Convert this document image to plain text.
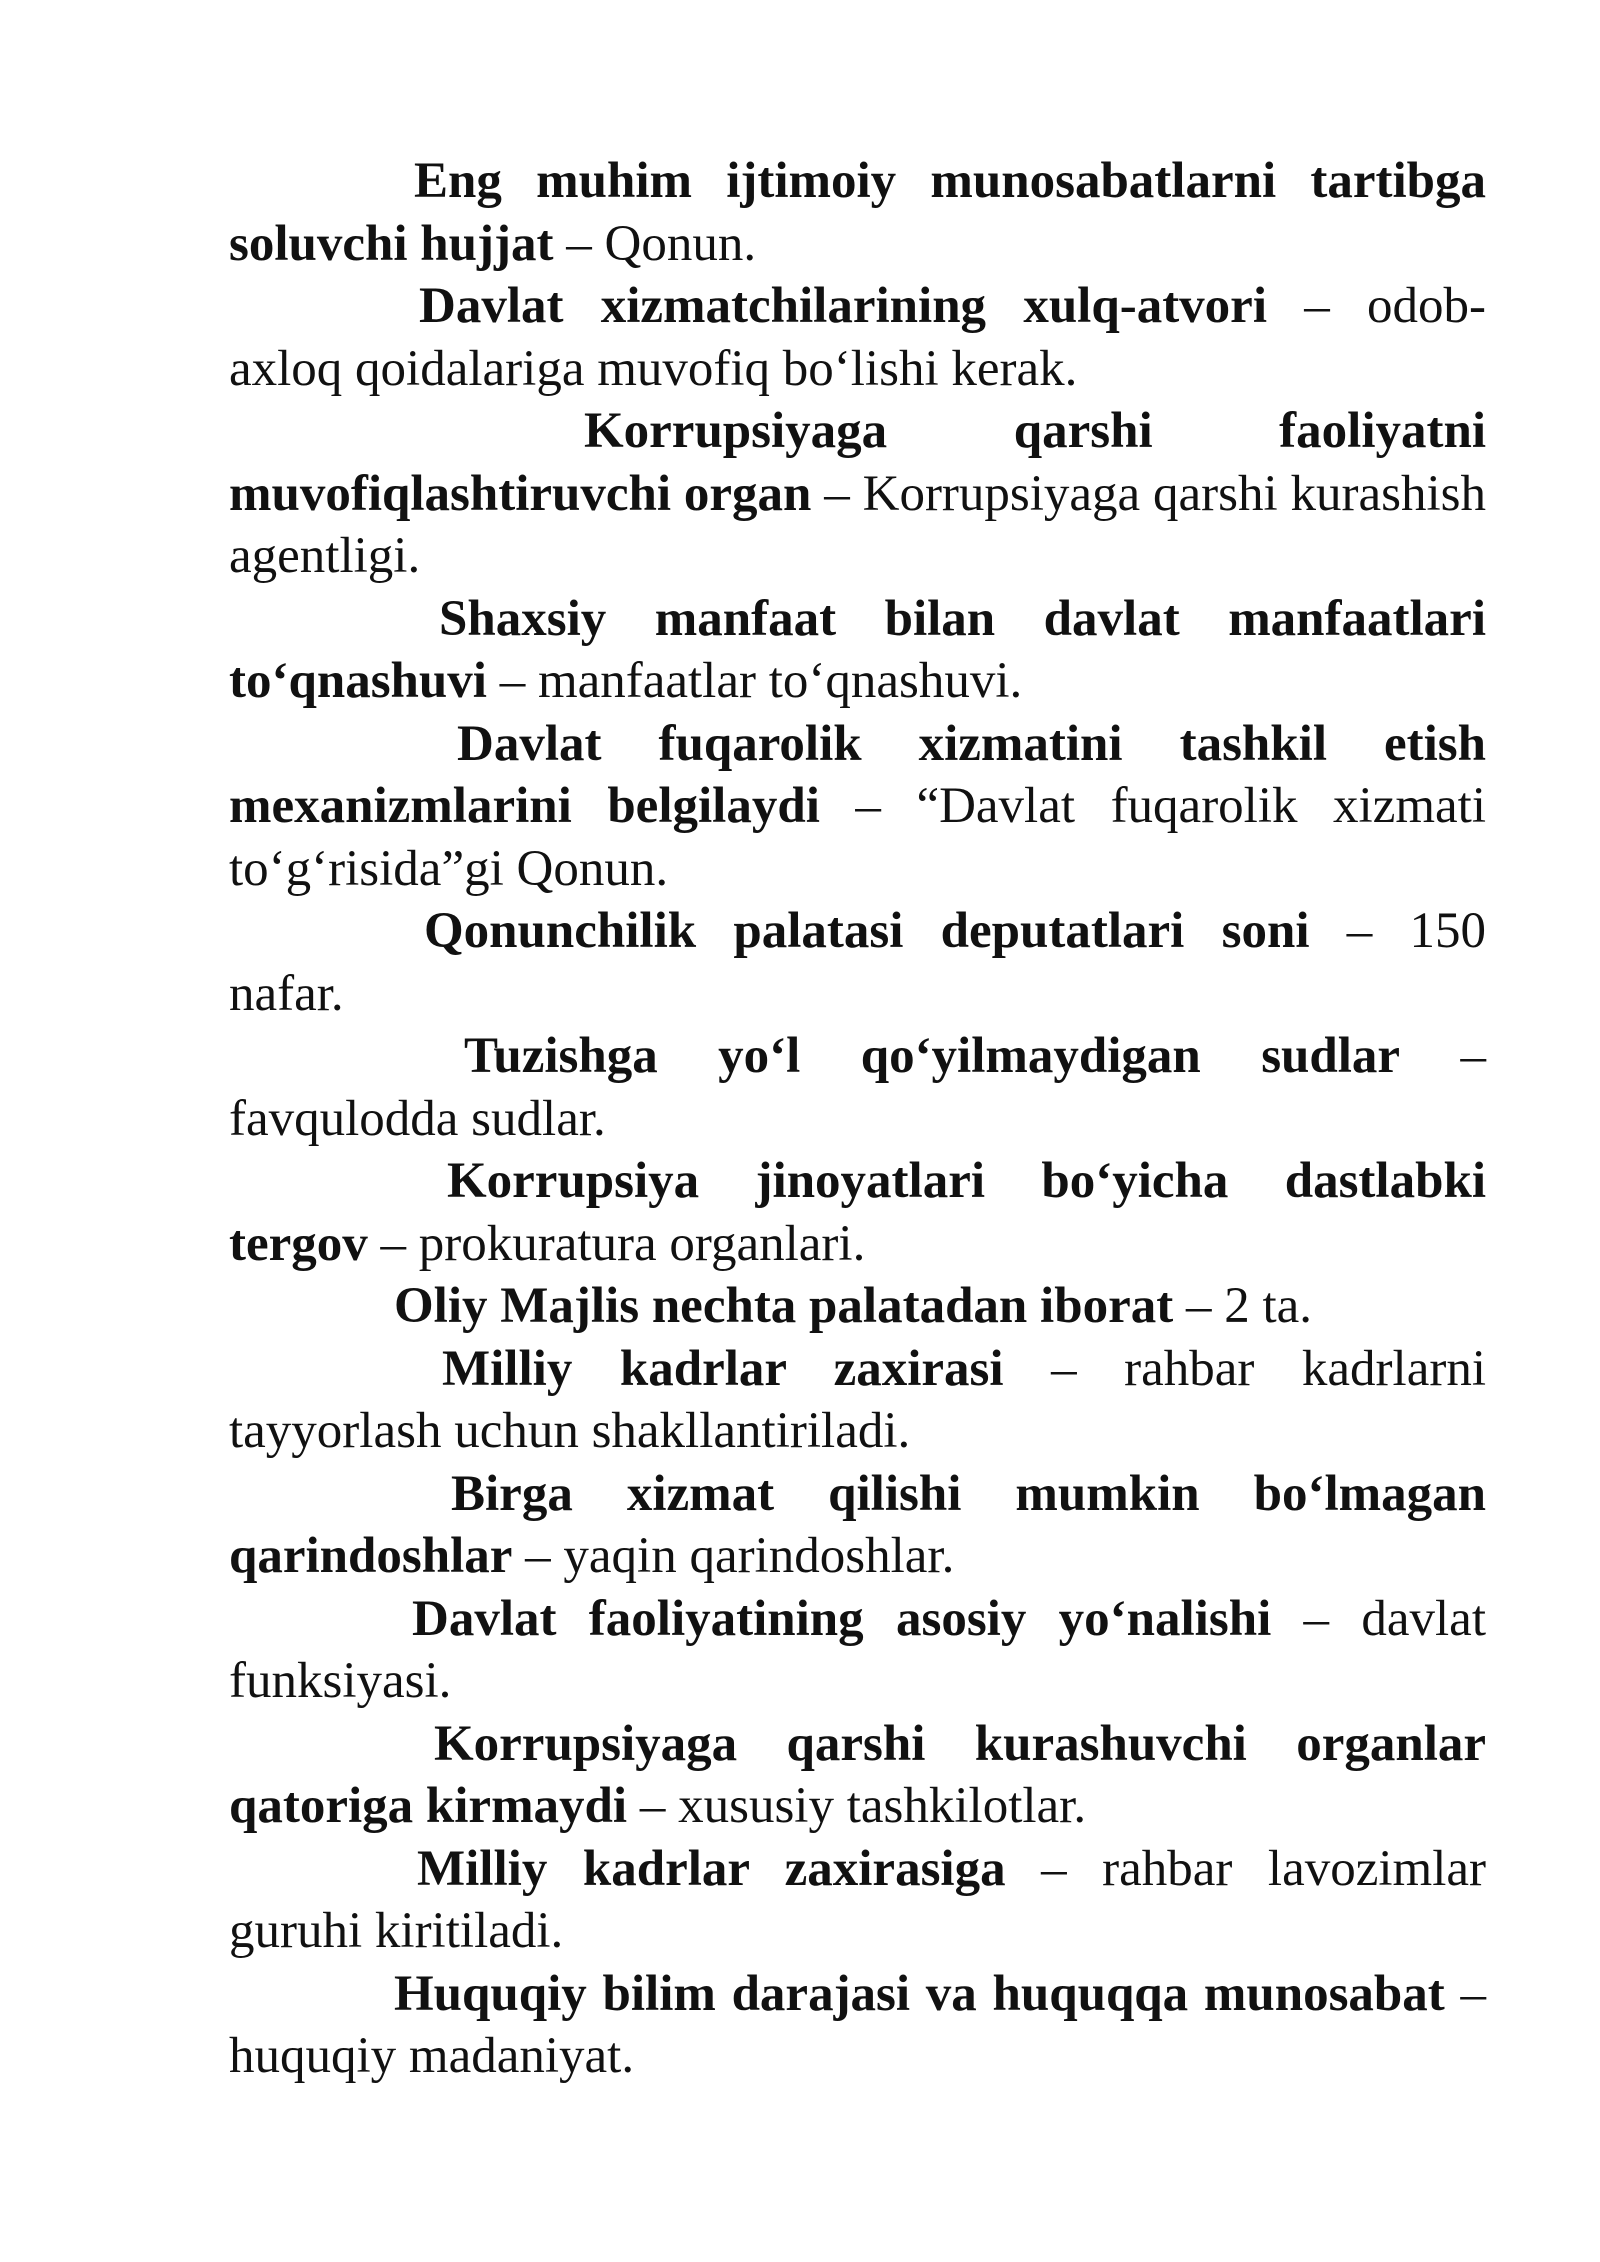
Eng muhim ijtimoiy munosabatlarni tartibga soluvchi hujjat – Qonun.

Davlat xizmatchilarining xulq-atvori – odob-axloq qoidalariga muvofiq bo‘lishi kerak.

Korrupsiyaga qarshi faoliyatni muvofiqlashtiruvchi organ – Korrupsiyaga qarshi kurashish agentligi.

Shaxsiy manfaat bilan davlat manfaatlari to‘qnashuvi – manfaatlar to‘qnashuvi.

Davlat fuqarolik xizmatini tashkil etish mexanizmlarini belgilaydi – “Davlat fuqarolik xizmati to‘g‘risida”gi Qonun.

Qonunchilik palatasi deputatlari soni – 150 nafar.

Tuzishga yo‘l qo‘yilmaydigan sudlar – favqulodda sudlar.

Korrupsiya jinoyatlari bo‘yicha dastlabki tergov – prokuratura organlari.

Oliy Majlis nechta palatadan iborat – 2 ta.

Milliy kadrlar zaxirasi – rahbar kadrlarni tayyorlash uchun shakllantiriladi.

Birga xizmat qilishi mumkin bo‘lmagan qarindoshlar – yaqin qarindoshlar.

Davlat faoliyatining asosiy yo‘nalishi – davlat funksiyasi.

Korrupsiyaga qarshi kurashuvchi organlar qatoriga kirmaydi – xususiy tashkilotlar.

Milliy kadrlar zaxirasiga – rahbar lavozimlar guruhi kiritiladi.

Huquqiy bilim darajasi va huquqqa munosabat – huquqiy madaniyat.
